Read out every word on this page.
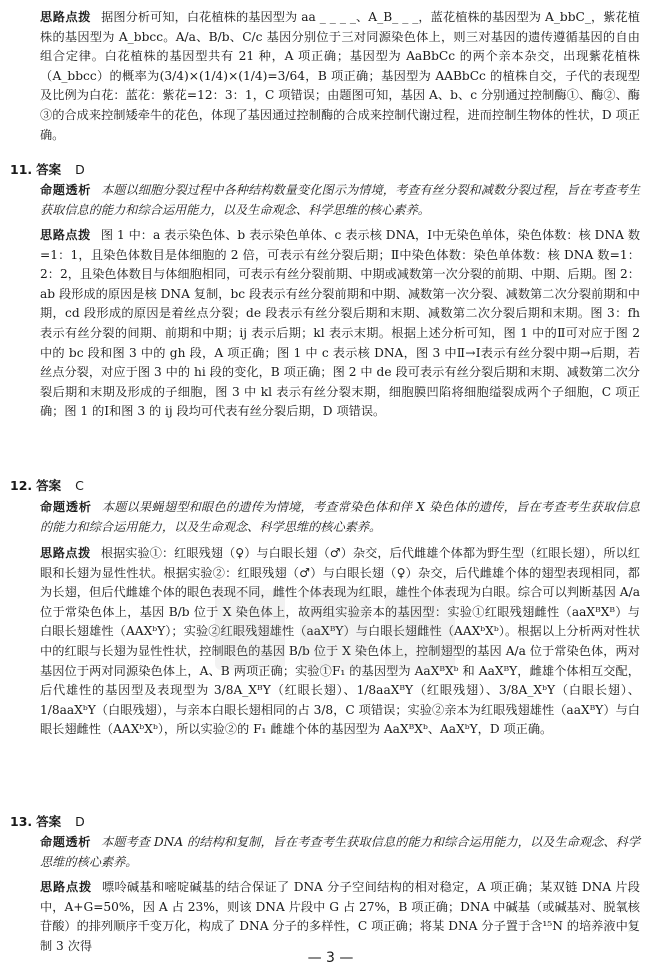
思路点拨 据图分析可知，白花植株的基因型为 aa _ _ _ _、A_B_ _ _，蓝花植株的基因型为 A_bbC_，紫花植株的基因型为 A_bbcc。A/a、B/b、C/c 基因分别位于三对同源染色体上，则三对基因的遗传遵循基因的自由组合定律。白花植株的基因型共有 21 种，A 项正确；基因型为 AaBbCc 的两个亲本杂交，出现紫花植株（A_bbcc）的概率为(3/4)×(1/4)×(1/4)=3/64，B 项正确；基因型为 AABbCc 的植株自交，子代的表现型及比例为白花：蓝花：紫花=12：3：1，C 项错误；由题图可知，基因 A、b、c 分别通过控制酶①、酶②、酶③的合成来控制矮牵牛的花色，体现了基因通过控制酶的合成来控制代谢过程，进而控制生物体的性状，D 项正确。

11. 答案 D

命题透析 本题以细胞分裂过程中各种结构数量变化图示为情境，考查有丝分裂和减数分裂过程，旨在考查考生获取信息的能力和综合运用能力，以及生命观念、科学思维的核心素养。

思路点拨 图 1 中：a 表示染色体、b 表示染色单体、c 表示核 DNA，Ⅰ中无染色单体，染色体数：核 DNA 数=1：1，且染色体数目是体细胞的 2 倍，可表示有丝分裂后期；Ⅱ中染色体数：染色单体数：核 DNA 数=1：2：2，且染色体数目与体细胞相同，可表示有丝分裂前期、中期或减数第一次分裂的前期、中期、后期。图 2：ab 段形成的原因是核 DNA 复制，bc 段表示有丝分裂前期和中期、减数第一次分裂、减数第二次分裂前期和中期，cd 段形成的原因是着丝点分裂；de 段表示有丝分裂后期和末期、减数第二次分裂后期和末期。图 3：fh 表示有丝分裂的间期、前期和中期；ij 表示后期；kl 表示末期。根据上述分析可知，图 1 中的Ⅱ可对应于图 2 中的 bc 段和图 3 中的 gh 段，A 项正确；图 1 中 c 表示核 DNA，图 3 中Ⅱ→Ⅰ表示有丝分裂中期→后期，若丝点分裂，对应于图 3 中的 hi 段的变化，B 项正确；图 2 中 de 段可表示有丝分裂后期和末期、减数第二次分裂后期和末期及形成的子细胞，图 3 中 kl 表示有丝分裂末期，细胞膜凹陷将细胞缢裂成两个子细胞，C 项正确；图 1 的Ⅰ和图 3 的 ij 段均可代表有丝分裂后期，D 项错误。

12. 答案 C

命题透析 本题以果蝇翅型和眼色的遗传为情境，考查常染色体和伴 X 染色体的遗传，旨在考查考生获取信息的能力和综合运用能力，以及生命观念、科学思维的核心素养。

思路点拨 根据实验①：红眼残翅（♀）与白眼长翅（♂）杂交，后代雌雄个体都为野生型（红眼长翅），所以红眼和长翅为显性性状。根据实验②：红眼残翅（♂）与白眼长翅（♀）杂交，后代雌雄个体的翅型表现相同，都为长翅，但后代雌雄个体的眼色表现不同，雌性个体表现为红眼，雄性个体表现为白眼。综合可以判断基因 A/a 位于常染色体上，基因 B/b 位于 X 染色体上，故两组实验亲本的基因型：实验①红眼残翅雌性（aaXᴮXᴮ）与白眼长翅雄性（AAXᵇY）；实验②红眼残翅雄性（aaXᴮY）与白眼长翅雌性（AAXᵇXᵇ）。根据以上分析两对性状中的红眼与长翅为显性性状，控制眼色的基因 B/b 位于 X 染色体上，控制翅型的基因 A/a 位于常染色体，两对基因位于两对同源染色体上，A、B 两项正确；实验①F₁ 的基因型为 AaXᴮXᵇ 和 AaXᴮY，雌雄个体相互交配，后代雄性的基因型及表现型为 3/8A_XᴮY（红眼长翅）、1/8aaXᴮY（红眼残翅）、3/8A_XᵇY（白眼长翅）、1/8aaXᵇY（白眼残翅），与亲本白眼长翅相同的占 3/8，C 项错误；实验②亲本为红眼残翅雄性（aaXᴮY）与白眼长翅雌性（AAXᵇXᵇ），所以实验②的 F₁ 雌雄个体的基因型为 AaXᴮXᵇ、AaXᵇY，D 项正确。

13. 答案 D

命题透析 本题考查 DNA 的结构和复制，旨在考查考生获取信息的能力和综合运用能力，以及生命观念、科学思维的核心素养。

思路点拨 嘌呤碱基和嘧啶碱基的结合保证了 DNA 分子空间结构的相对稳定，A 项正确；某双链 DNA 片段中，A+G=50%，因 A 占 23%，则该 DNA 片段中 G 占 27%，B 项正确；DNA 中碱基（或碱基对、脱氧核苷酸）的排列顺序千变万化，构成了 DNA 分子的多样性，C 项正确；将某 DNA 分子置于含¹⁵N 的培养液中复制 3 次得

— 3 —
